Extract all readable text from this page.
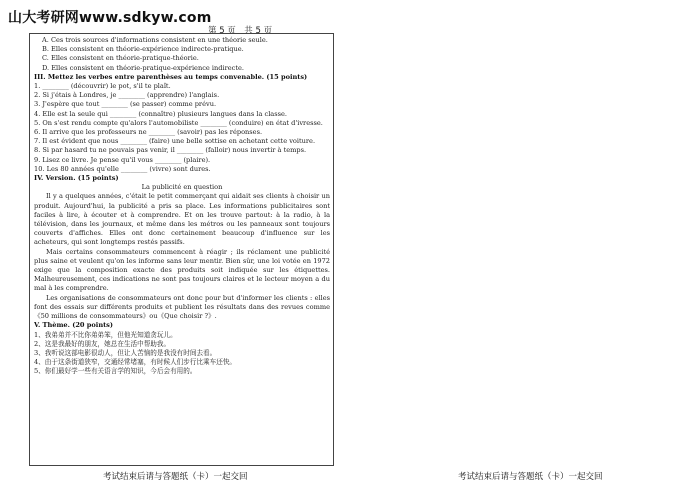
山大考研网www.sdkyw.com
第 5 页　共 5 页
A. Ces trois sources d'informations consistent en une théorie seule.
B. Elles consistent en théorie-expérience indirecte-pratique.
C. Elles consistent en théorie-pratique-théorie.
D. Elles consistent en théorie-pratique-expérience indirecte.
III. Mettez les verbes entre parenthèses au temps convenable. (15 points)
1. ________ (découvrir) le pot, s'il te plaît.
2. Si j'étais à Londres, je ________ (apprendre) l'anglais.
3. J'espère que tout ________ (se passer) comme prévu.
4. Elle est la seule qui ________ (connaître) plusieurs langues dans la classe.
5. On s'est rendu compte qu'alors l'automobiliste ________ (conduire) en état d'ivresse.
6. Il arrive que les professeurs ne ________ (savoir) pas les réponses.
7. Il est évident que nous ________ (faire) une belle sottise en achetant cette voiture.
8. Si par hasard tu ne pouvais pas venir, il ________ (falloir) nous invertir à temps.
9. Lisez ce livre. Je pense qu'il vous ________ (plaire).
10. Les 80 années qu'elle ________ (vivre) sont dures.
IV. Version. (15 points)
La publicité en question
Il y a quelques années, c'était le petit commerçant qui aidait ses clients à choisir un produit. Aujourd'hui, la publicité a pris sa place. Les informations publicitaires sont faciles à lire, à écouter et à comprendre. Et on les trouve partout: à la radio, à la télévision, dans les journaux, et même dans les métros ou les panneaux sont toujours couverts d'affiches. Elles ont donc certainement beaucoup d'influence sur les acheteurs, qui sont longtemps restés passifs.
Mais certains consommateurs commencent à réagir ; ils réclament une publicité plus saine et veulent qu'on les informe sans leur mentir. Bien sûr, une loi votée en 1972 exige que la composition exacte des produits soit indiquée sur les étiquettes. Malheureusement, ces indications ne sont pas toujours claires et le lecteur moyen a du mal à les comprendre.
Les organisations de consommateurs ont donc pour but d'informer les clients : elles font des essais sur différents produits et publient les résultats dans des revues comme《50 millions de consommateurs》ou《Que choisir ?》.
V. Thème. (20 points)
1、我弟弟并不比你弟弟笨，但他光知道贪玩儿。
2、这是我最好的朋友，她总在生活中帮助我。
3、我听说这部电影很动人，但让人苦恼的是我没有时间去看。
4、由于这条街道狭窄，交通经常堵塞，有时候人们步行比乘车还快。
5、你们最好学一些有关语言学的知识，今后会有用的。
考试结束后请与答题纸（卡）一起交回	考试结束后请与答题纸（卡）一起交回
